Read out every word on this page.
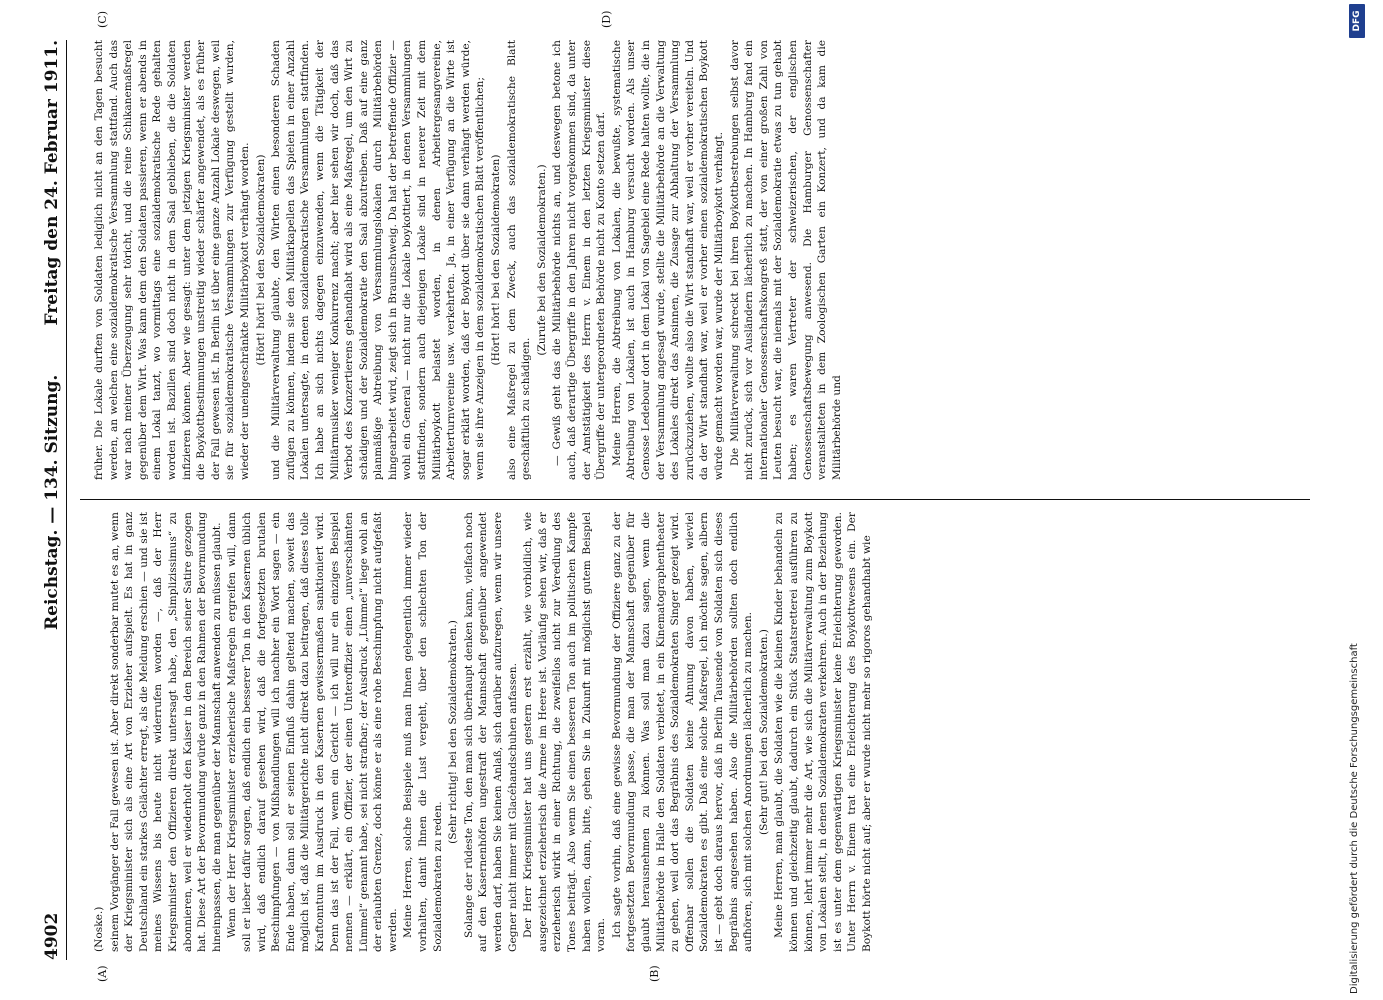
4902
Reichstag. — 134. Sitzung.
Freitag den 24. Februar 1911.
(A)	(B)
(C)	(D)

(Noske.) seinem Vorgänger der Fall gewesen ist. Aber direkt sonderbar mutet es an, wenn der Kriegsminister sich als eine Art von Erzieher aufspielt. Es hat in ganz Deutschland ein starkes Gelächter erregt, als die Meldung erschien — und sie ist meines Wissens bis heute nicht widerrufen worden —, daß der Herr Kriegsminister den Offizieren direkt untersagt habe, den „Simplizissimus“ zu abonnieren, weil er wiederholt den Kaiser in den Bereich seiner Satire gezogen hat. Diese Art der Bevormundung würde ganz in den Rahmen der Bevormundung hineinpassen, die man gegenüber der Mannschaft anwenden zu müssen glaubt. Wenn der Herr Kriegsminister erzieherische Maßregeln ergreifen will, dann soll er lieber dafür sorgen, daß endlich ein besserer Ton in den Kasernen üblich wird, daß endlich darauf gesehen wird, daß die fortgesetzten brutalen Beschimpfungen — von Mißhandlungen will ich nachher ein Wort sagen — ein Ende haben, dann soll er seinen Einfluß dahin geltend machen, soweit das möglich ist, daß die Militärgerichte nicht direkt dazu beitragen, daß dieses tolle Kraftonntum im Ausdruck in den Kasernen gewissermaßen sanktioniert wird. Denn das ist der Fall, wenn ein Gericht — ich will nur ein einziges Beispiel nennen — erklärt, ein Offizier, der einen Unteroffizier einen „unverschämten Lümmel“ genannt habe, sei nicht strafbar; der Ausdruck „Lümmel“ liege wohl an der erlaubten Grenze, doch könne er als eine rohe Beschimpfung nicht aufgefaßt werden. Meine Herren, solche Beispiele muß man Ihnen gelegentlich immer wieder vorhalten, damit Ihnen die Lust vergeht, über den schlechten Ton der Sozialdemokraten zu reden.

(Sehr richtig! bei den Sozialdemokraten.) Solange der rüdeste Ton, den man sich überhaupt denken kann, vielfach noch auf den Kasernenhöfen ungestraft der Mannschaft gegenüber angewendet werden darf, haben Sie keinen Anlaß, sich darüber aufzuregen, wenn wir unsere Gegner nicht immer mit Glacéhandschuhen anfassen. Der Herr Kriegsminister hat uns gestern erst erzählt, wie vorbildlich, wie ausgezeichnet erzieherisch die Armee im Heere ist. Vorläufig sehen wir, daß er erzieherisch wirkt in einer Richtung, die zweifellos nicht zur Veredlung des Tones beiträgt. Also wenn Sie einen besseren Ton auch im politischen Kampfe haben wollen, dann, bitte, gehen Sie in Zukunft mit möglichst gutem Beispiel voran. Ich sagte vorhin, daß eine gewisse Bevormundung der Offiziere ganz zu der fortgesetzten Bevormundung passe, die man der Mannschaft gegenüber für glaubt herausnehmen zu können. Was soll man dazu sagen, wenn die Militärbehörde in Halle den Soldaten verbietet, in ein Kinematographentheater zu gehen, weil dort das Begräbnis des Sozialdemokraten Singer gezeigt wird. Offenbar sollen die Soldaten keine Ahnung davon haben, wieviel Sozialdemokraten es gibt. Daß eine solche Maßregel, ich möchte sagen, albern ist — gebt doch daraus hervor, daß in Berlin Tausende von Soldaten sich dieses Begräbnis angesehen haben. Also die Militärbehörden sollten doch endlich aufhören, sich mit solchen Anordnungen lächerlich zu machen. (Sehr gut! bei den Sozialdemokraten.) Meine Herren, man glaubt, die Soldaten wie die kleinen Kinder behandeln zu können und gleichzeitig glaubt, dadurch ein Stück Staatsretterei ausführen zu können, lehrt immer mehr die Art, wie sich die Militärverwaltung zum Boykott von Lokalen stellt, in denen Sozialdemokraten verkehren. Auch in der Beziehung ist es unter dem gegenwärtigen Kriegsminister keine Erleichterung geworden. Unter Herrn v. Einem trat eine Erleichterung des Boykottwesens ein. Der Boykott hörte nicht auf; aber er wurde nicht mehr so rigoros gehandhabt wie

früher. Die Lokale durften von Soldaten lediglich nicht an den Tagen besucht werden, an welchen eine sozialdemokratische Versammlung stattfand. Auch das war nach meiner Überzeugung sehr töricht, und die reine Schikanemaßregel gegenüber dem Wirt. Was kann dem den Soldaten passieren, wenn er abends in einem Lokal tanzt, wo vormittags eine sozialdemokratische Rede gehalten worden ist. Bazillen sind doch nicht in dem Saal geblieben, die die Soldaten infizieren können. Aber wie gesagt: unter dem jetzigen Kriegsminister werden die Boykottbestimmungen unstreitig wieder schärfer angewendet, als es früher der Fall gewesen ist. In Berlin ist über eine ganze Anzahl Lokale deswegen, weil sie für sozialdemokratische Versammlungen zur Verfügung gestellt wurden, wieder der uneingeschränkte Militärboykott verhängt worden. (Hört! hört! bei den Sozialdemokraten) und die Militärverwaltung glaubte, den Wirten einen besonderen Schaden zufügen zu können, indem sie den Militärkapellen das Spielen in einer Anzahl Lokalen untersagte, in denen sozialdemokratische Versammlungen stattfinden. Ich habe an sich nichts dagegen einzuwenden, wenn die Tätigkeit der Militärmusiker weniger Konkurrenz macht; aber hier sehen wir doch, daß das Verbot des Konzertierens gehandhabt wird als eine Maßregel, um den Wirt zu schädigen und der Sozialdemokratie den Saal abzutreiben. Daß auf eine ganz planmäßige Abtreibung von Versammlungslokalen durch Militärbehörden hingearbeitet wird, zeigt sich in Braunschweig. Da hat der betreffende Offizier — wohl ein General — nicht nur die Lokale boykottiert, in denen Versammlungen stattfinden, sondern auch diejenigen Lokale sind in neuerer Zeit mit dem Militärboykott belastet worden, in denen Arbeitergesangvereine, Arbeiterturnvereine usw. verkehrten. Ja, in einer Verfügung an die Wirte ist sogar erklärt worden, daß der Boykott über sie dann verhängt werden würde, wenn sie ihre Anzeigen in dem sozialdemokratischen Blatt veröffentlichen; (Hört! hört! bei den Sozialdemokraten) also eine Maßregel zu dem Zweck, auch das sozialdemokratische Blatt geschäftlich zu schädigen.

(Zurufe bei den Sozialdemokraten.) — Gewiß geht das die Militärbehörde nichts an, und deswegen betone ich auch, daß derartige Übergriffe in den Jahren nicht vorgekommen sind, da unter der Amtstätigkeit des Herrn v. Einem in den letzten Kriegsminister diese Übergriffe der untergeordneten Behörde nicht zu Konto setzen darf. Meine Herren, die Abtreibung von Lokalen, die bewußte, systematische Abtreibung von Lokalen, ist auch in Hamburg versucht worden. Als unser Genosse Ledebour dort in dem Lokal von Sagebiel eine Rede halten wollte, die in der Versammlung angesagt wurde, stellte die Militärbehörde an die Verwaltung des Lokales direkt das Ansinnen, die Zusage zur Abhaltung der Versammlung zurückzuziehen, wollte also die Wirt standhaft war, weil er vorher vereiteln. Und da der Wirt standhaft war, weil er vorher einen sozialdemokratischen Boykott würde gemacht worden war, wurde der Militärboykott verhängt. Die Militärverwaltung schreckt bei ihren Boykottbestrebungen selbst davor nicht zurück, sich vor Ausländern lächerlich zu machen. In Hamburg fand ein internationaler Genossenschaftskongreß statt, der von einer großen Zahl von Leuten besucht war, die niemals mit der Sozialdemokratie etwas zu tun gehabt haben; es waren Vertreter der schweizerischen, der englischen Genossenschaftsbewegung anwesend. Die Hamburger Genossenschafter veranstalteten in dem Zoologischen Garten ein Konzert, und da kam die Militärbehörde und

DFG
Digitalisierung gefördert durch die Deutsche Forschungsgemeinschaft
